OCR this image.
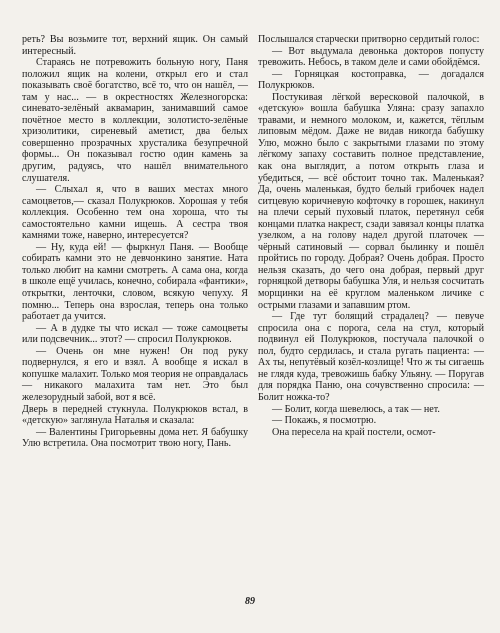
реть? Вы возьмите тот, верхний ящик. Он самый интересный.

Стараясь не потревожить больную ногу, Паня положил ящик на колени, открыл его и стал показывать своё богатство, всё то, что он нашёл, — там у нас... — в окрестностях Железногорска: синевато-зелёный аквамарин, занимавший самое почётное место в коллекции, золотисто-зелёные хризолитики, сиреневый аметист, два белых совершенно прозрачных хрусталика безупречной формы... Он показывал гостю один камень за другим, радуясь, что нашёл внимательного слушателя.

— Слыхал я, что в ваших местах много самоцветов,— сказал Полукрюков. Хорошая у тебя коллекция. Особенно тем она хороша, что ты самостоятельно камни ищешь. А сестра твоя камнями тоже, наверно, интересуется?

— Ну, куда ей! — фыркнул Паня. — Вообще собирать камни это не девчонкино занятие. Ната только любит на камни смотреть. А сама она, когда в школе ещё училась, конечно, собирала «фантики», открытки, ленточки, словом, всякую чепуху. Я помню... Теперь она взрослая, теперь она только работает да учится.

— А в дудке ты что искал — тоже самоцветы или подсвечник... этот? — спросил Полукрюков.

— Очень он мне нужен! Он под руку подвернулся, я его и взял. А вообще я искал в копушке малахит. Только моя теория не оправдалась — никакого малахита там нет. Это был железорудный забой, вот я всё.

Дверь в передней стукнула. Полукрюков встал, в «детскую» заглянула Наталья и сказала:

— Валентины Григорьевны дома нет. Я бабушку Улю встретила. Она посмотрит твою ногу, Пань.

Послышался старчески притворно сердитый голос:

— Вот выдумала девонька докторов попусту тревожить. Небось, в таком деле и сами обойдёмся.

— Горняцкая костоправка, — догадался Полукрюков.

Постукивая лёгкой вересковой палочкой, в «детскую» вошла бабушка Уляна: сразу запахло травами, и немного молоком, и, кажется, тёплым липовым мёдом. Даже не видав никогда бабушку Улю, можно было с закрытыми глазами по этому лёгкому запаху составить полное представление, как она выглядит, а потом открыть глаза и убедиться, — всё обстоит точно так. Маленькая? Да, очень маленькая, будто белый грибочек надел ситцевую коричневую кофточку в горошек, накинул на плечи серый пуховый платок, перетянул себя концами платка накрест, сзади завязал концы платка узелком, а на голову надел другой платочек — чёрный сатиновый — сорвал былинку и пошёл пройтись по городу. Добрая? Очень добрая. Просто нельзя сказать, до чего она добрая, первый друг горняцкой детворы бабушка Уля, и нельзя сосчитать морщинки на её круглом маленьком личике с острыми глазами и запавшим ртом.

— Где тут болящий страдалец? — певуче спросила она с порога, села на стул, который подвинул ей Полукрюков, постучала палочкой о пол, будто сердилась, и стала ругать пациента: — Ах ты, непутёвый козёл-козлище! Что ж ты сигаешь не глядя куда, тревожишь бабку Ульяну. — Поругав для порядка Паню, она сочувственно спросила: — Болит ножка-то?

— Болит, когда шевелюсь, а так — нет.

— Покажь, я посмотрю.

Она пересела на край постели, осмот-

89
